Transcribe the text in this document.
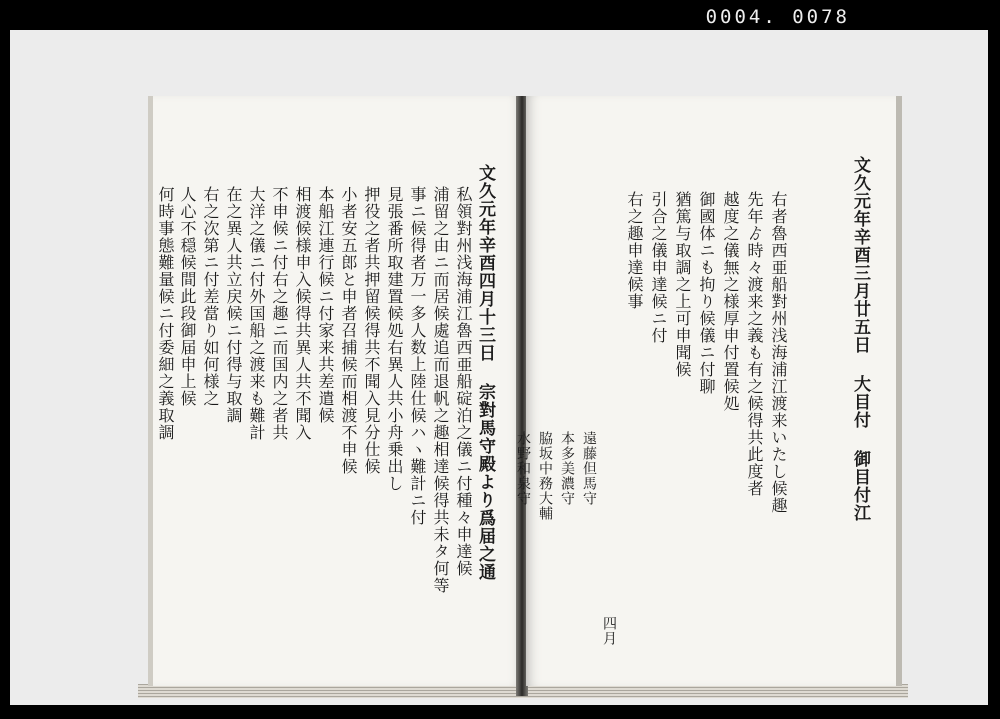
0004. 0078
文久元年辛酉四月十三日 宗對馬守殿より爲届之通
私領對州浅海浦江魯西亜船碇泊之儀ニ付種々申達候
浦留之由ニ而居候處追而退帆之趣相達候得共未タ何等
事ニ候得者万一多人数上陸仕候ハヽ難計ニ付
見張番所取建置候処右異人共小舟乗出し
押役之者共押留候得共不聞入見分仕候
小者安五郎と申者召捕候而相渡不申候
本船江連行候ニ付家来共差遣候
相渡候様申入候得共異人共不聞入
不申候ニ付右之趣ニ而国内之者共
大洋之儀ニ付外国船之渡来も難計
在之異人共立戻候ニ付得与取調
右之次第ニ付差當り如何様之
人心不穏候間此段御届申上候
何時事態難量候ニ付委細之義取調	文久元年辛酉三月廿五日 大目付 御目付江
右者魯西亜船對州浅海浦江渡来いたし候趣
先年ゟ時々渡来之義も有之候得共此度者
越度之儀無之様厚申付置候処
御國体ニも拘り候儀ニ付聊
猶篤与取調之上可申聞候
引合之儀申達候ニ付
右之趣申達候事
遠藤但馬守
本多美濃守
脇坂中務大輔
水野和泉守
四月
